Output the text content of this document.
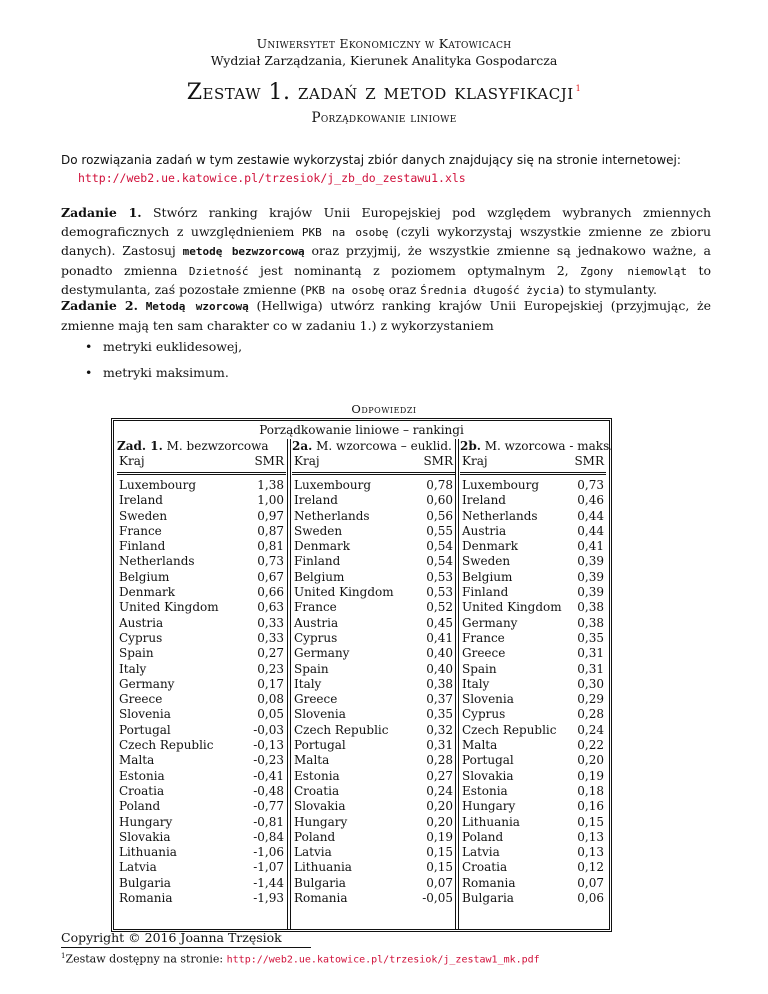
Uniwersytet Ekonomiczny w Katowicach
Wydział Zarządzania, Kierunek Analityka Gospodarcza
Zestaw 1. zadań z metod klasyfikacji $^1$
Porządkowanie liniowe
Do rozwiązania zadań w tym zestawie wykorzystaj zbiór danych znajdujący się na stronie internetowej:
http://web2.ue.katowice.pl/trzesiok/j_zb_do_zestawu1.xls
Zadanie 1. Stwórz ranking krajów Unii Europejskiej pod względem wybranych zmiennych demograficznych z uwzględnieniem PKB na osobę (czyli wykorzystaj wszystkie zmienne ze zbioru danych). Zastosuj metodę bezwzorcową oraz przyjmij, że wszystkie zmienne są jednakowo ważne, a ponadto zmienna Dzietność jest nominantą z poziomem optymalnym 2, Zgony niemowląt to destymulanta, zaś pozostałe zmienne (PKB na osobę oraz Średnia długość życia) to stymulanty.
Zadanie 2. Metodą wzorcową (Hellwiga) utwórz ranking krajów Unii Europejskiej (przyjmując, że zmienne mają ten sam charakter co w zadaniu 1.) z wykorzystaniem
• metryki euklidesowej,
• metryki maksimum.
Odpowiedzi
Porządkowanie liniowe – rankingi
Zad. 1. M. bezwzorcowa
Kraj	SMR
Luxembourg	1,38
Ireland	1,00
Sweden	0,97
France	0,87
Finland	0,81
Netherlands	0,73
Belgium	0,67
Denmark	0,66
United Kingdom	0,63
Austria	0,33
Cyprus	0,33
Spain	0,27
Italy	0,23
Germany	0,17
Greece	0,08
Slovenia	0,05
Portugal	-0,03
Czech Republic	-0,13
Malta	-0,23
Estonia	-0,41
Croatia	-0,48
Poland	-0,77
Hungary	-0,81
Slovakia	-0,84
Lithuania	-1,06
Latvia	-1,07
Bulgaria	-1,44
Romania	-1,93
2a. M. wzorcowa – euklid.
Kraj	SMR
Luxembourg	0,78
Ireland	0,60
Netherlands	0,56
Sweden	0,55
Denmark	0,54
Finland	0,54
Belgium	0,53
United Kingdom	0,53
France	0,52
Austria	0,45
Cyprus	0,41
Germany	0,40
Spain	0,40
Italy	0,38
Greece	0,37
Slovenia	0,35
Czech Republic	0,32
Portugal	0,31
Malta	0,28
Estonia	0,27
Croatia	0,24
Slovakia	0,20
Hungary	0,20
Poland	0,19
Latvia	0,15
Lithuania	0,15
Bulgaria	0,07
Romania	-0,05
2b. M. wzorcowa - maks.
Kraj	SMR
Luxembourg	0,73
Ireland	0,46
Netherlands	0,44
Austria	0,44
Denmark	0,41
Sweden	0,39
Belgium	0,39
Finland	0,39
United Kingdom 0,38
Germany	0,38
France	0,35
Greece	0,31
Spain	0,31
Italy	0,30
Slovenia	0,29
Cyprus	0,28
Czech Republic 0,24
Malta	0,22
Portugal	0,20
Slovakia	0,19
Estonia	0,18
Hungary	0,16
Lithuania	0,15
Poland	0,13
Latvia	0,13
Croatia	0,12
Romania	0,07
Bulgaria	0,06
Copyright © 2016 Joanna Trzęsiok
$^1$Zestaw dostępny na stronie: http://web2.ue.katowice.pl/trzesiok/j_zestaw1_mk.pdf
